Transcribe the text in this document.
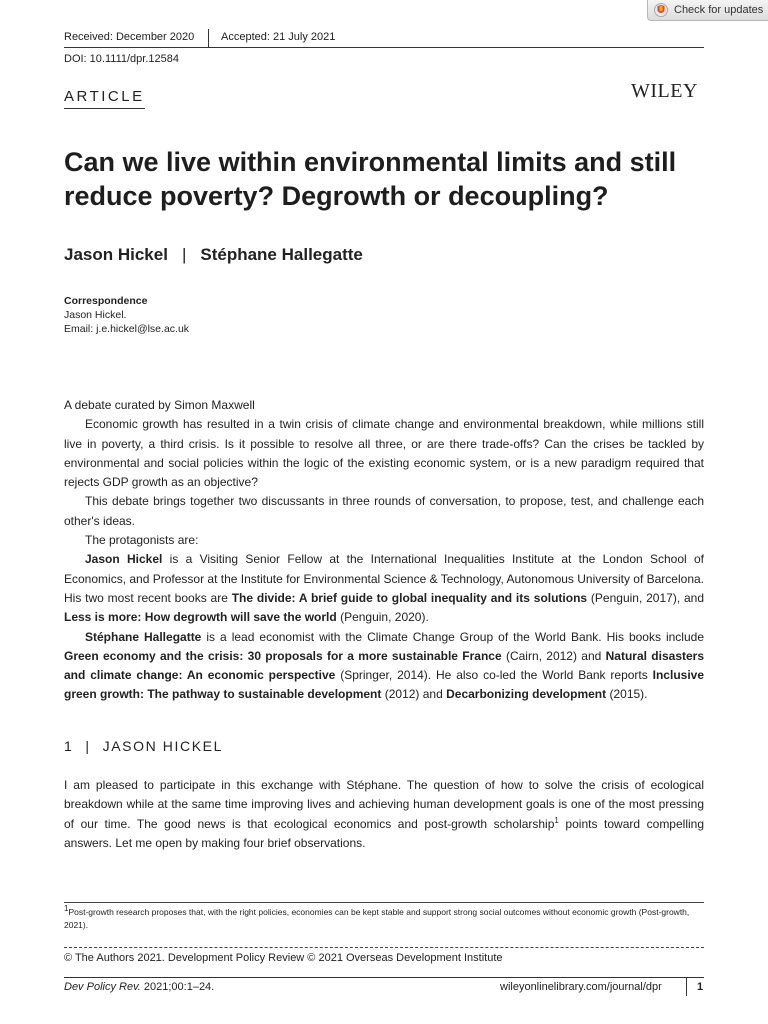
Check for updates
Received: December 2020 Accepted: 21 July 2021
DOI: 10.1111/dpr.12584
ARTICLE	WILEY
Can we live within environmental limits and still reduce poverty? Degrowth or decoupling?
Jason Hickel | Stéphane Hallegatte
Correspondence
Jason Hickel.
Email: j.e.hickel@lse.ac.uk

A debate curated by Simon Maxwell

Economic growth has resulted in a twin crisis of climate change and environmental breakdown, while millions still live in poverty, a third crisis. Is it possible to resolve all three, or are there trade-offs? Can the crises be tackled by environmental and social policies within the logic of the existing economic system, or is a new paradigm required that rejects GDP growth as an objective?

This debate brings together two discussants in three rounds of conversation, to propose, test, and challenge each other's ideas.

The protagonists are:

Jason Hickel is a Visiting Senior Fellow at the International Inequalities Institute at the London School of Economics, and Professor at the Institute for Environmental Science & Technology, Autonomous University of Barcelona. His two most recent books are The divide: A brief guide to global inequality and its solutions (Penguin, 2017), and Less is more: How degrowth will save the world (Penguin, 2020).

Stéphane Hallegatte is a lead economist with the Climate Change Group of the World Bank. His books include Green economy and the crisis: 30 proposals for a more sustainable France (Cairn, 2012) and Natural disasters and climate change: An economic perspective (Springer, 2014). He also co-led the World Bank reports Inclusive green growth: The pathway to sustainable development (2012) and Decarbonizing development (2015).

1 | JASON HICKEL

I am pleased to participate in this exchange with Stéphane. The question of how to solve the crisis of ecological breakdown while at the same time improving lives and achieving human development goals is one of the most pressing of our time. The good news is that ecological economics and post-growth scholarship$^1$ points toward compelling answers. Let me open by making four brief observations.

$^1$Post-growth research proposes that, with the right policies, economies can be kept stable and support strong social outcomes without economic growth (Post-growth, 2021).
© The Authors 2021. Development Policy Review © 2021 Overseas Development Institute
Dev Policy Rev. 2021;00:1–24.	wileyonlinelibrary.com/journal/dpr	1
